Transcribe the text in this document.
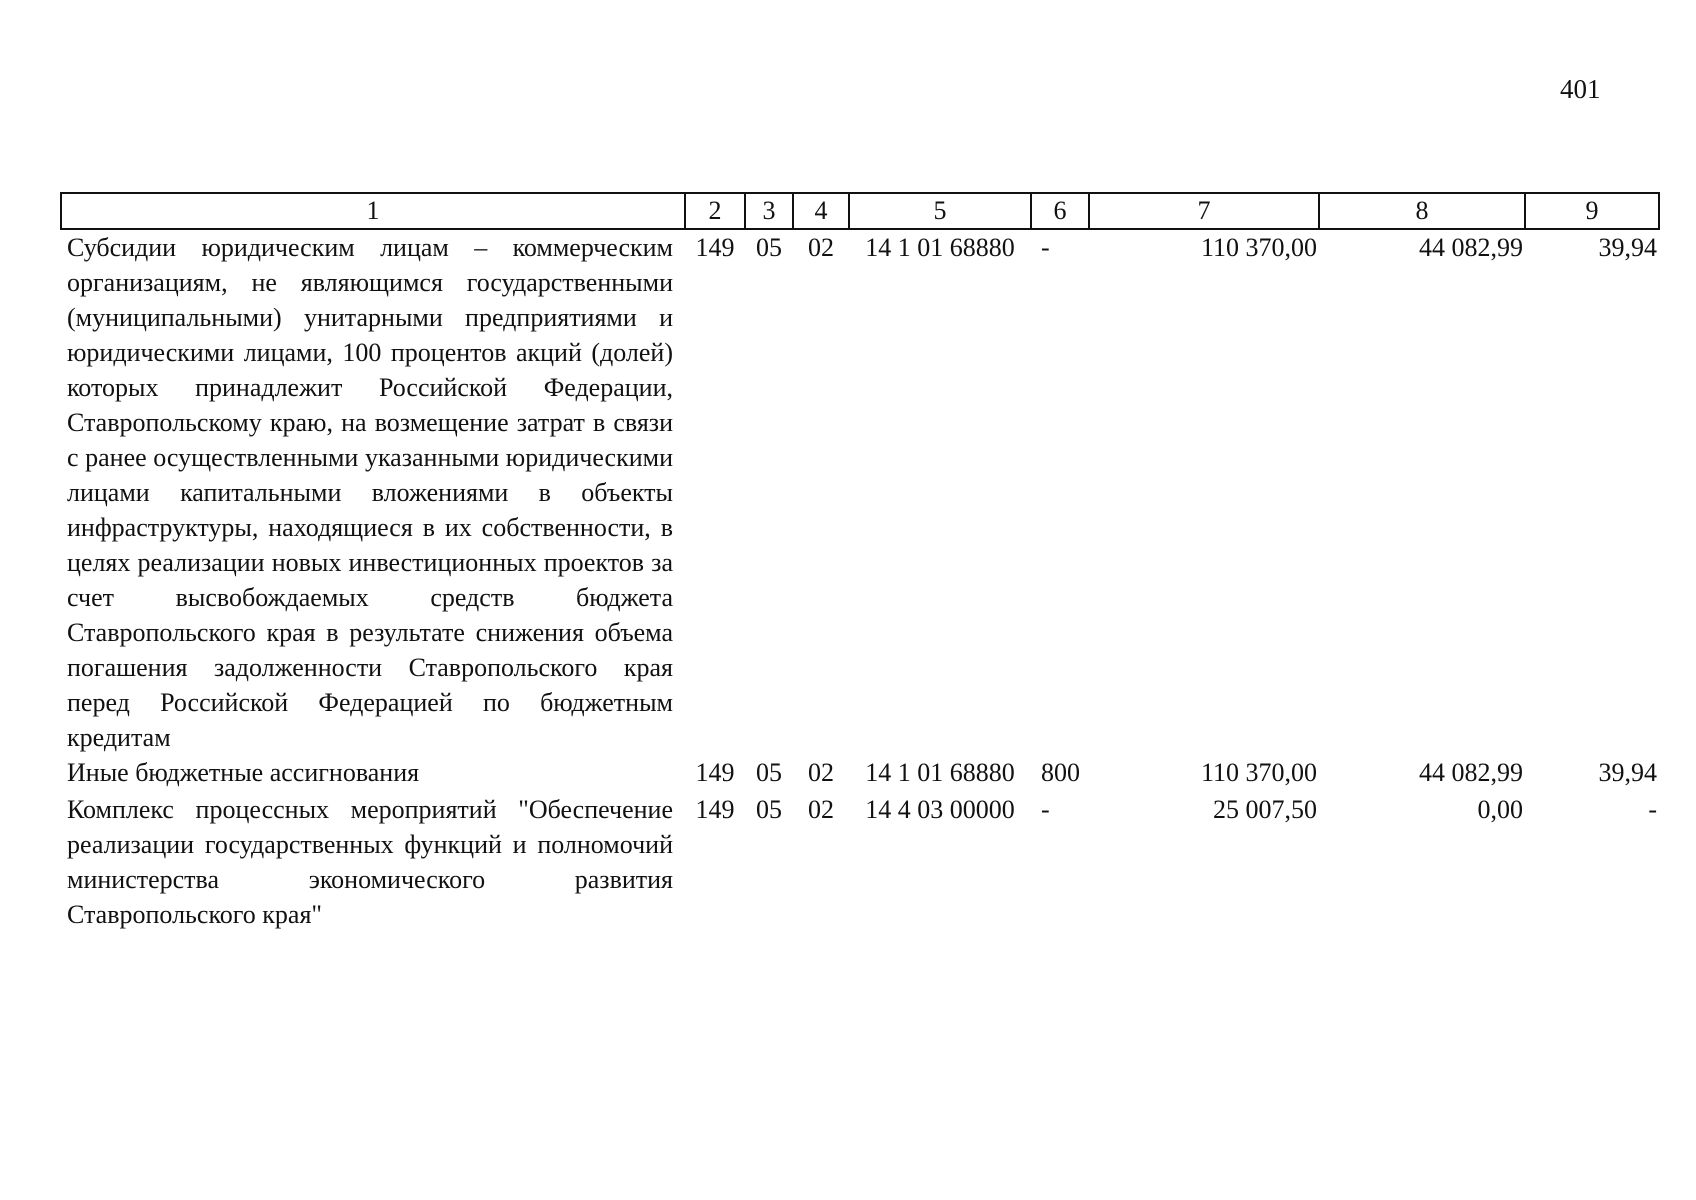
401
1	2	3	4	5	6	7	8	9
Субсидии юридическим лицам – коммерческим организациям, не являющимся государственными (муниципальными) унитарными предприятиями и юридическими лицами, 100 процентов акций (долей) которых принадлежит Российской Федерации, Ставропольскому краю, на возмещение затрат в связи с ранее осуществленными указанными юридическими лицами капитальными вложениями в объекты инфраструктуры, находящиеся в их собственности, в целях реализации новых инвестиционных проектов за счет высвобождаемых средств бюджета Ставропольского края в результате снижения объема погашения задолженности Ставропольского края перед Российской Федерацией по бюджетным кредитам	149	05	02	14 1 01 68880	-	110 370,00	44 082,99	39,94
Иные бюджетные ассигнования	149	05	02	14 1 01 68880	800	110 370,00	44 082,99	39,94
Комплекс процессных мероприятий "Обеспечение реализации государственных функций и полномочий министерства экономического развития Ставропольского края"	149	05	02	14 4 03 00000	-	25 007,50	0,00	-
